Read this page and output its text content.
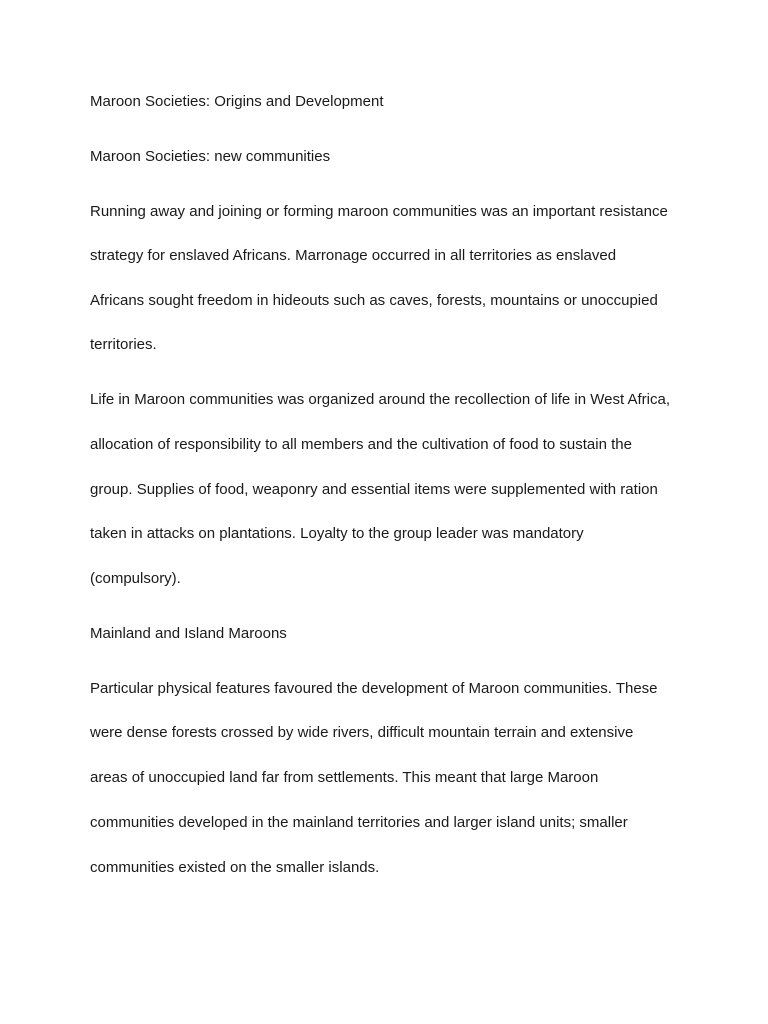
Maroon Societies: Origins and Development
Maroon Societies: new communities
Running away and joining or forming maroon communities was an important resistance
strategy for enslaved Africans. Marronage occurred in all territories as enslaved
Africans sought freedom in hideouts such as caves, forests, mountains or unoccupied
territories.
Life in Maroon communities was organized around the recollection of life in West Africa,
allocation of responsibility to all members and the cultivation of food to sustain the
group. Supplies of food, weaponry and essential items were supplemented with ration
taken in attacks on plantations. Loyalty to the group leader was mandatory
(compulsory).
Mainland and Island Maroons
Particular physical features favoured the development of Maroon communities. These
were dense forests crossed by wide rivers, difficult mountain terrain and extensive
areas of unoccupied land far from settlements. This meant that large Maroon
communities developed in the mainland territories and larger island units; smaller
communities existed on the smaller islands.
